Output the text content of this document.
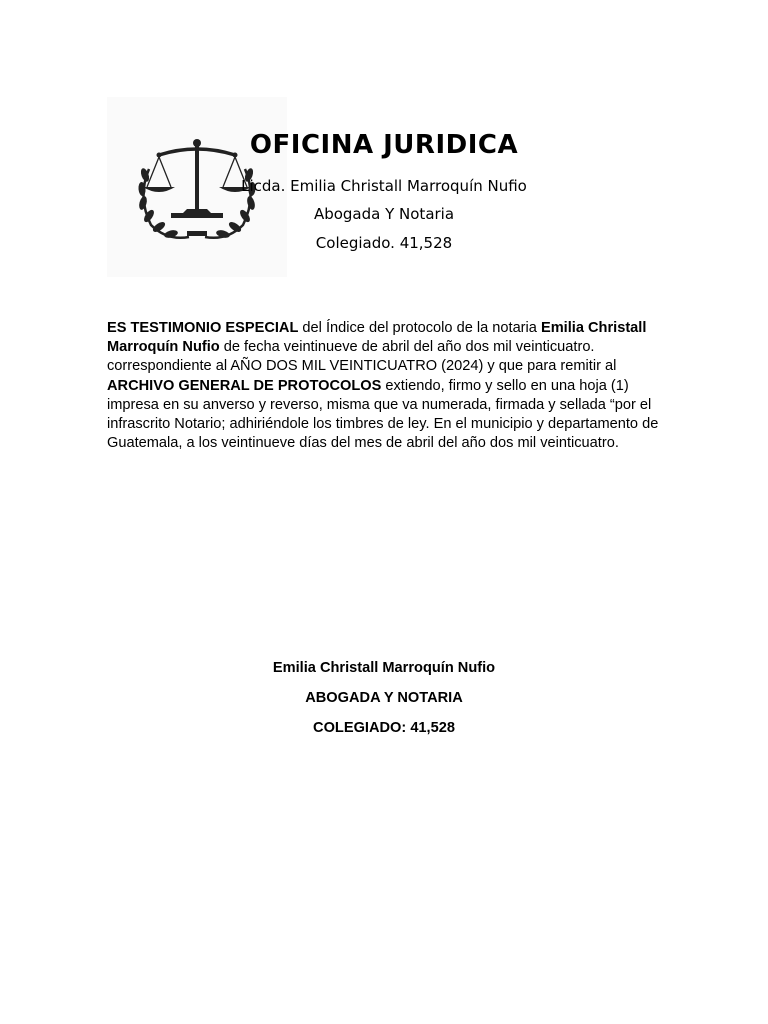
OFICINA JURIDICA
Licda. Emilia Christall Marroquín Nufio
Abogada Y Notaria
Colegiado. 41,528

ES TESTIMONIO ESPECIAL del Índice del protocolo de la notaria Emilia Christall Marroquín Nufio de fecha veintinueve de abril del año dos mil veinticuatro. correspondiente al AÑO DOS MIL VEINTICUATRO (2024) y que para remitir al ARCHIVO GENERAL DE PROTOCOLOS extiendo, firmo y sello en una hoja (1) impresa en su anverso y reverso, misma que va numerada, firmada y sellada “por el infrascrito Notario; adhiriéndole los timbres de ley. En el municipio y departamento de Guatemala, a los veintinueve días del mes de abril del año dos mil veinticuatro.

Emilia Christall Marroquín Nufio
ABOGADA Y NOTARIA
COLEGIADO: 41,528
